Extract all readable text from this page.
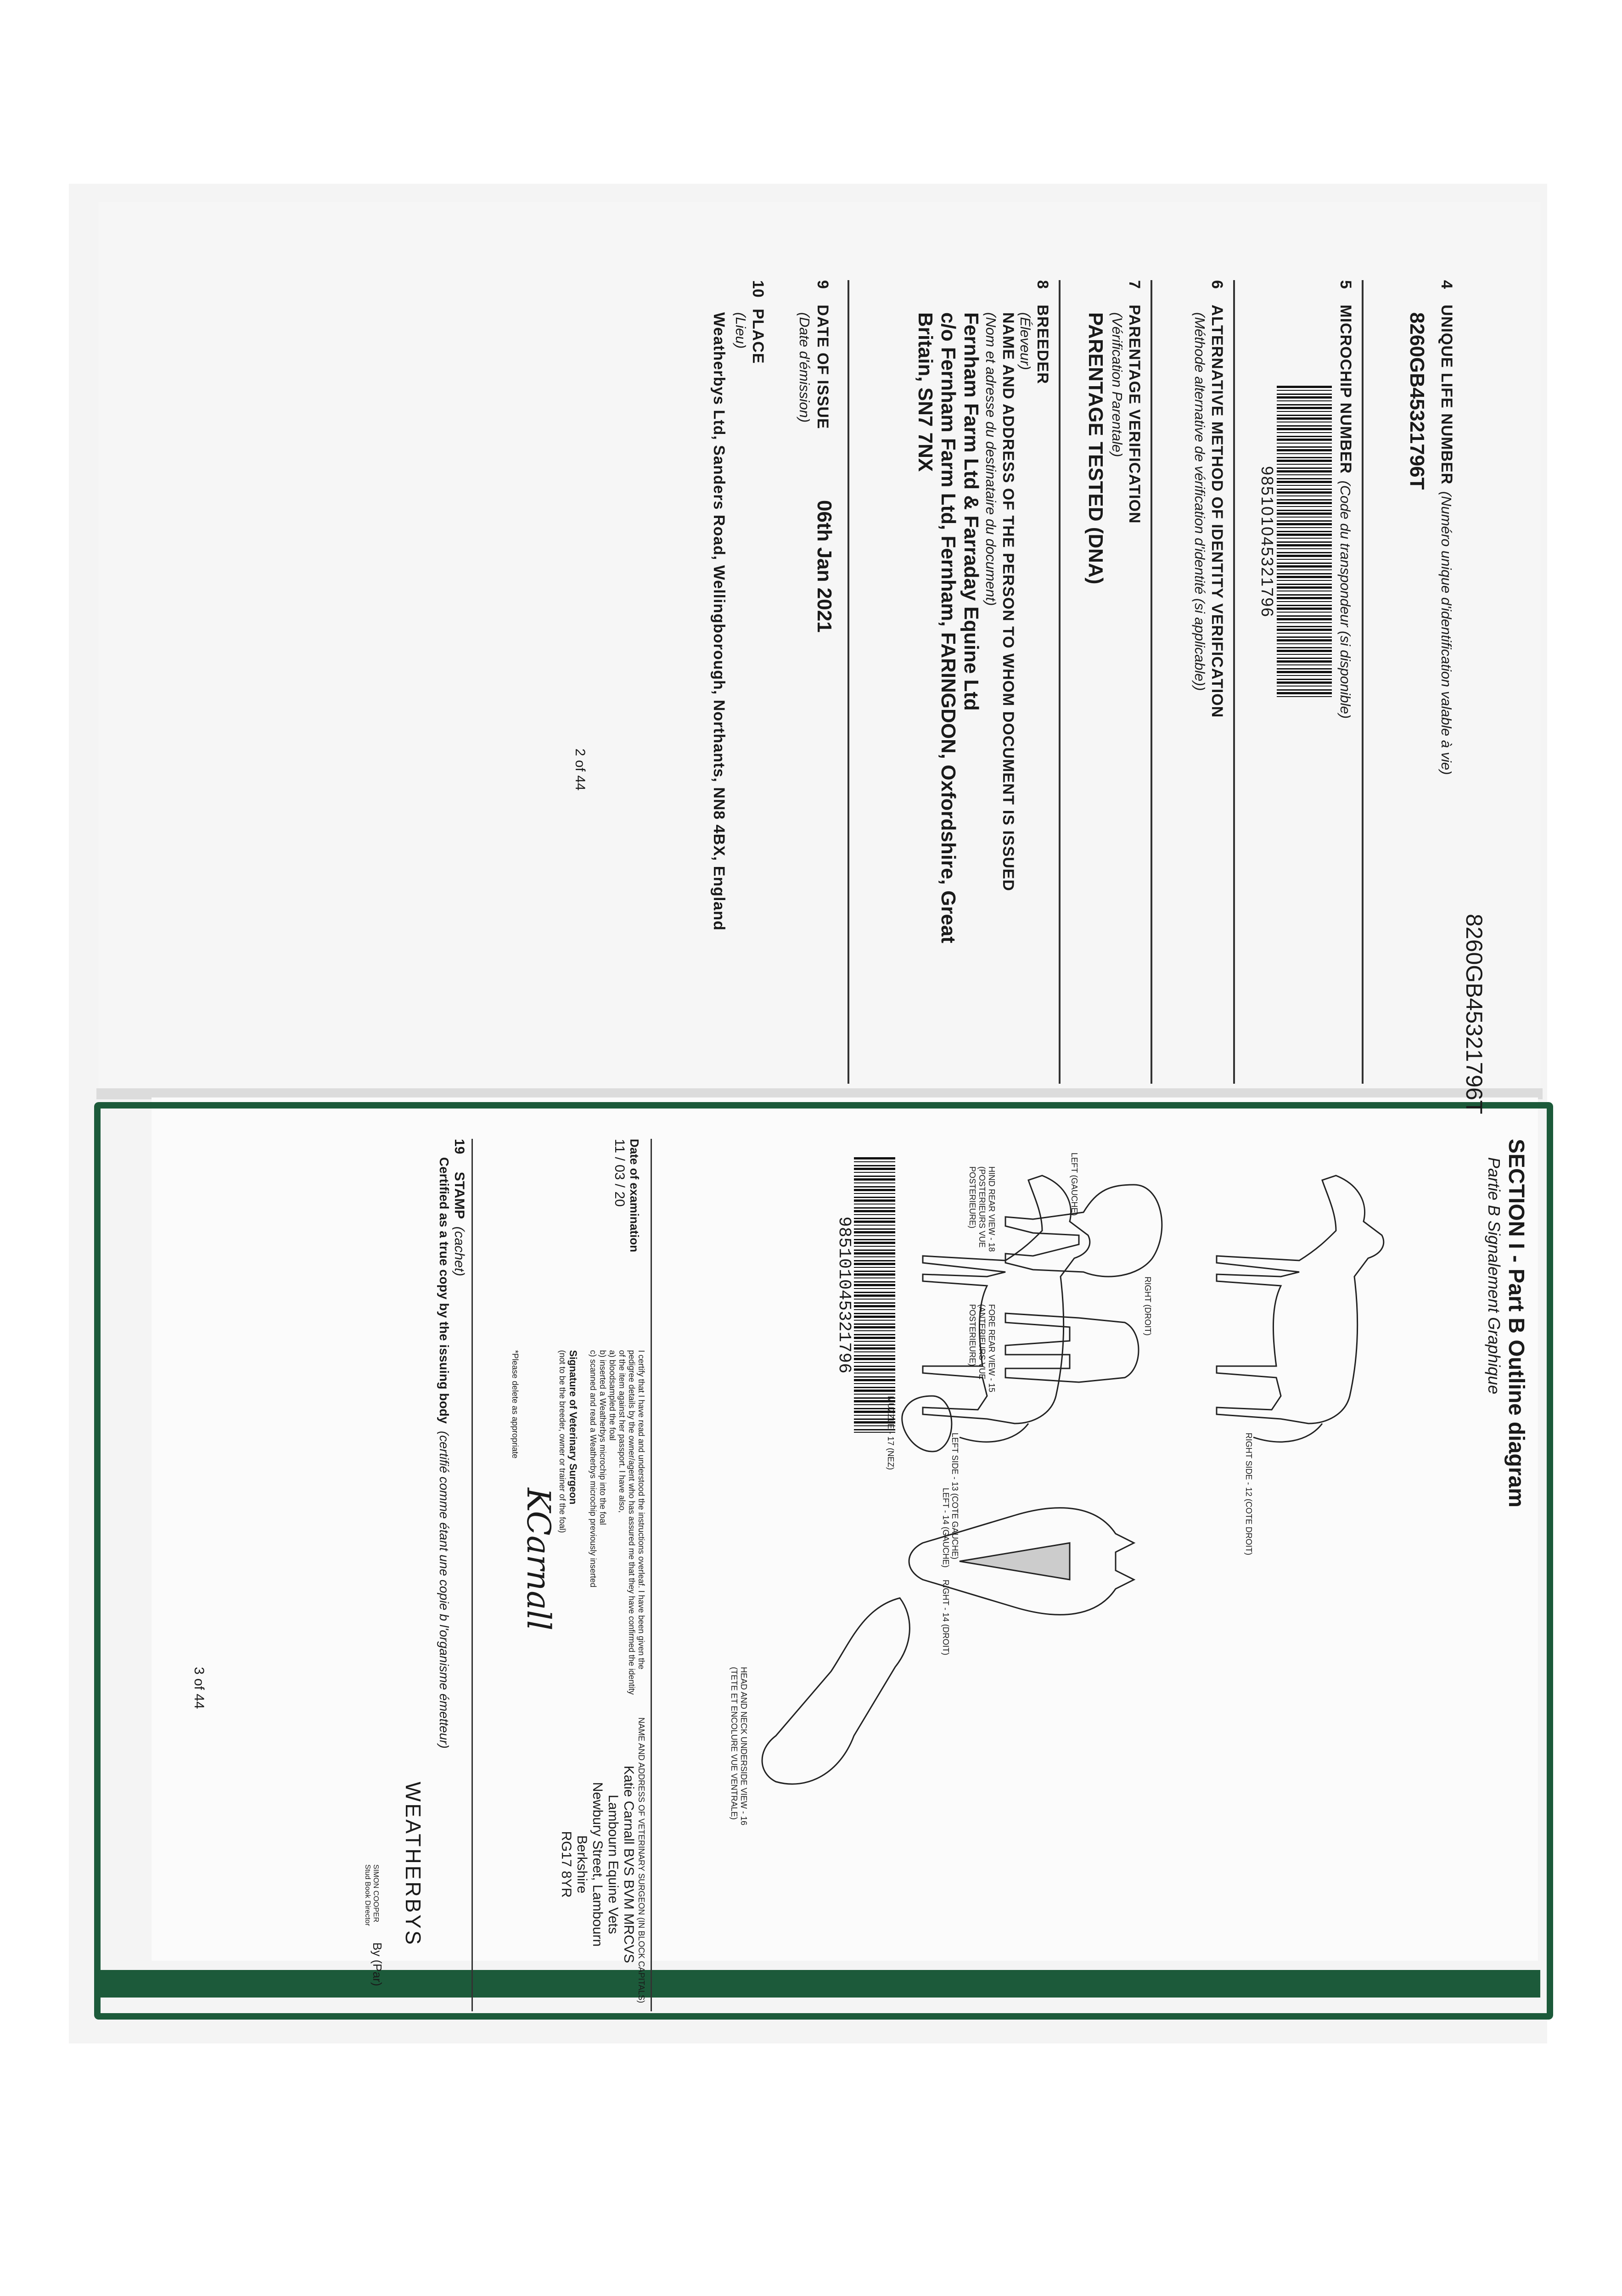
8260GB45321796T
4 UNIQUE LIFE NUMBER (Numéro unique d'identification valable à vie)
8260GB45321796T
5 MICROCHIP NUMBER (Code du transpondeur (si disponible)
985101045321796
6 ALTERNATIVE METHOD OF IDENTITY VERIFICATION
(Méthode alternative de vérification d'identité (si applicable))
7 PARENTAGE VERIFICATION
(Vérification Parentale)
PARENTAGE TESTED (DNA)
8 BREEDER
(Éleveur)
NAME AND ADDRESS OF THE PERSON TO WHOM DOCUMENT IS ISSUED
(Nom et adresse du destinataire du document)
Fernham Farm Ltd & Farraday Equine Ltd
c/o Fernham Farm Ltd, Fernham, FARINGDON, Oxfordshire, Great
Britain, SN7 7NX
9 DATE OF ISSUE 06th Jan 2021
(Date d'émission)
10 PLACE
(Lieu)
Weatherbys Ltd, Sanders Road, Wellingborough, Northants, NN8 4BX, England
2 of 44
SECTION I - Part B Outline diagram
Partie B Signalement Graphique
985101045321796
RIGHT SIDE - 12 (COTE DROIT)
LEFT SIDE - 13 (COTE GAUCHE)
HIND REAR VIEW - 18 (POSTERIEURS VUE POSTERIEURE)
FORE REAR VIEW - 15 (ANTERIEURS VUE POSTERIEURE)
MUZZLE - 17 (NEZ)
HEAD AND NECK UNDERSIDE VIEW - 16 (TETE ET ENCOLURE VUE VENTRALE)
RIGHT (DROIT)
LEFT (GAUCHE)
RIGHT - 14 (DROIT)
LEFT - 14 (GAUCHE)
Date of examination
11 / 03 / 20
I certify that I have read and understood the instructions overleaf. I have been given the pedigree details by the owner/agent who has assured me that they have confirmed the identity of the item against her passport. I have also,
a) bloodsampled the foal
b) inserted a Weatherbys microchip into the foal
c) scanned and read a Weatherbys microchip previously inserted
Signature of Veterinary Surgeon
(not to be the breeder, owner or trainer of the foal)
KCarnall
*Please delete as appropriate
NAME AND ADDRESS OF VETERINARY SURGEON (IN BLOCK CAPITALS)
Katie Carnall BVS BVM MRCVS
Lambourn Equine Vets
Newbury Street, Lambourn
Berkshire
RG17 8YR
19 STAMP (cachet)
Certified as a true copy by the issuing body (certifié comme étant une copie b l'organisme émetteur)
WEATHERBYS
SIMON COOPER
Stud Book Director
By (Par)
3 of 44
